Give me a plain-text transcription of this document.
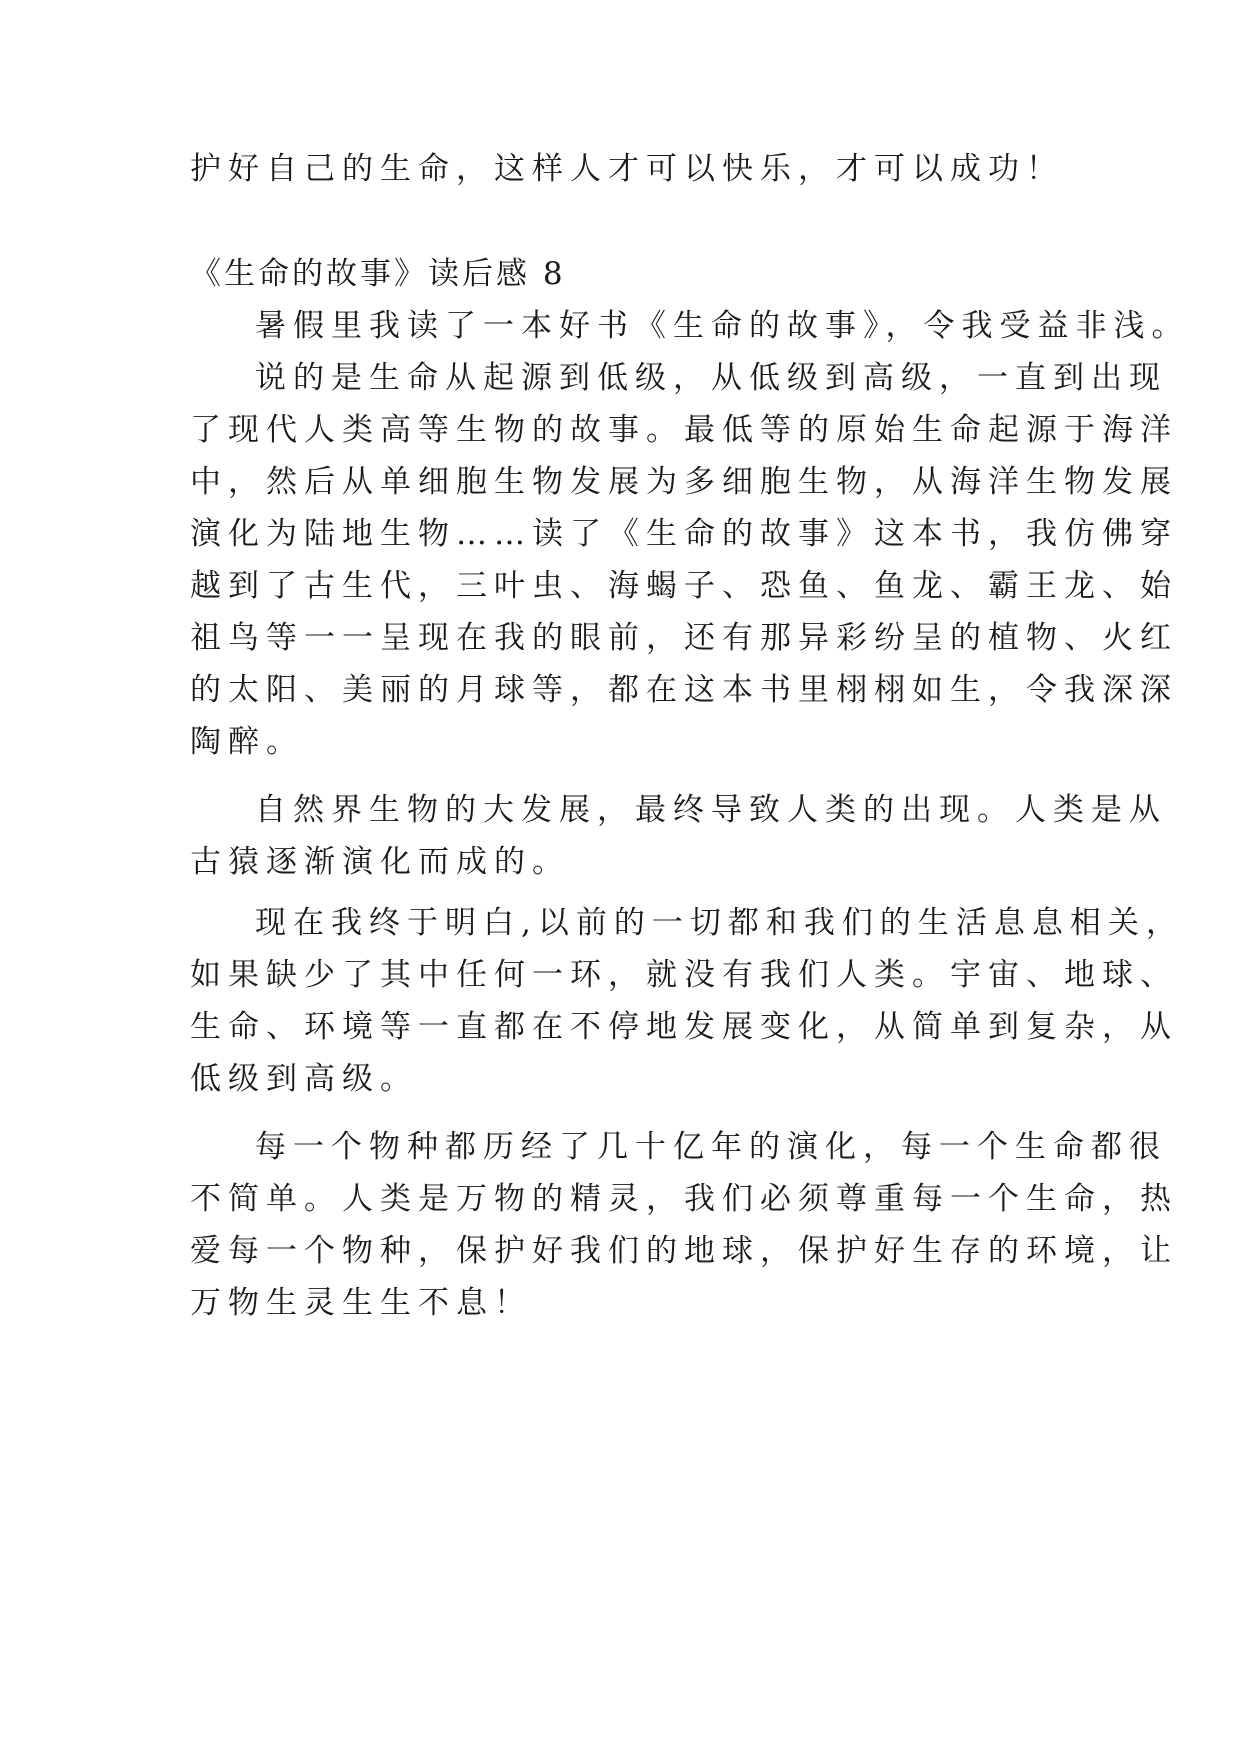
护好自己的生命，这样人才可以快乐，才可以成功！
《生命的故事》读后感 8
暑假里我读了一本好书《生命的故事》，令我受益非浅。
说的是生命从起源到低级，从低级到高级，一直到出现
了现代人类高等生物的故事。最低等的原始生命起源于海洋
中，然后从单细胞生物发展为多细胞生物，从海洋生物发展
演化为陆地生物……读了《生命的故事》这本书，我仿佛穿
越到了古生代，三叶虫、海蝎子、恐鱼、鱼龙、霸王龙、始
祖鸟等一一呈现在我的眼前，还有那异彩纷呈的植物、火红
的太阳、美丽的月球等，都在这本书里栩栩如生，令我深深
陶醉。
自然界生物的大发展，最终导致人类的出现。人类是从
古猿逐渐演化而成的。
现在我终于明白,以前的一切都和我们的生活息息相关，
如果缺少了其中任何一环，就没有我们人类。宇宙、地球、
生命、环境等一直都在不停地发展变化，从简单到复杂，从
低级到高级。
每一个物种都历经了几十亿年的演化，每一个生命都很
不简单。人类是万物的精灵，我们必须尊重每一个生命，热
爱每一个物种，保护好我们的地球，保护好生存的环境，让
万物生灵生生不息！
